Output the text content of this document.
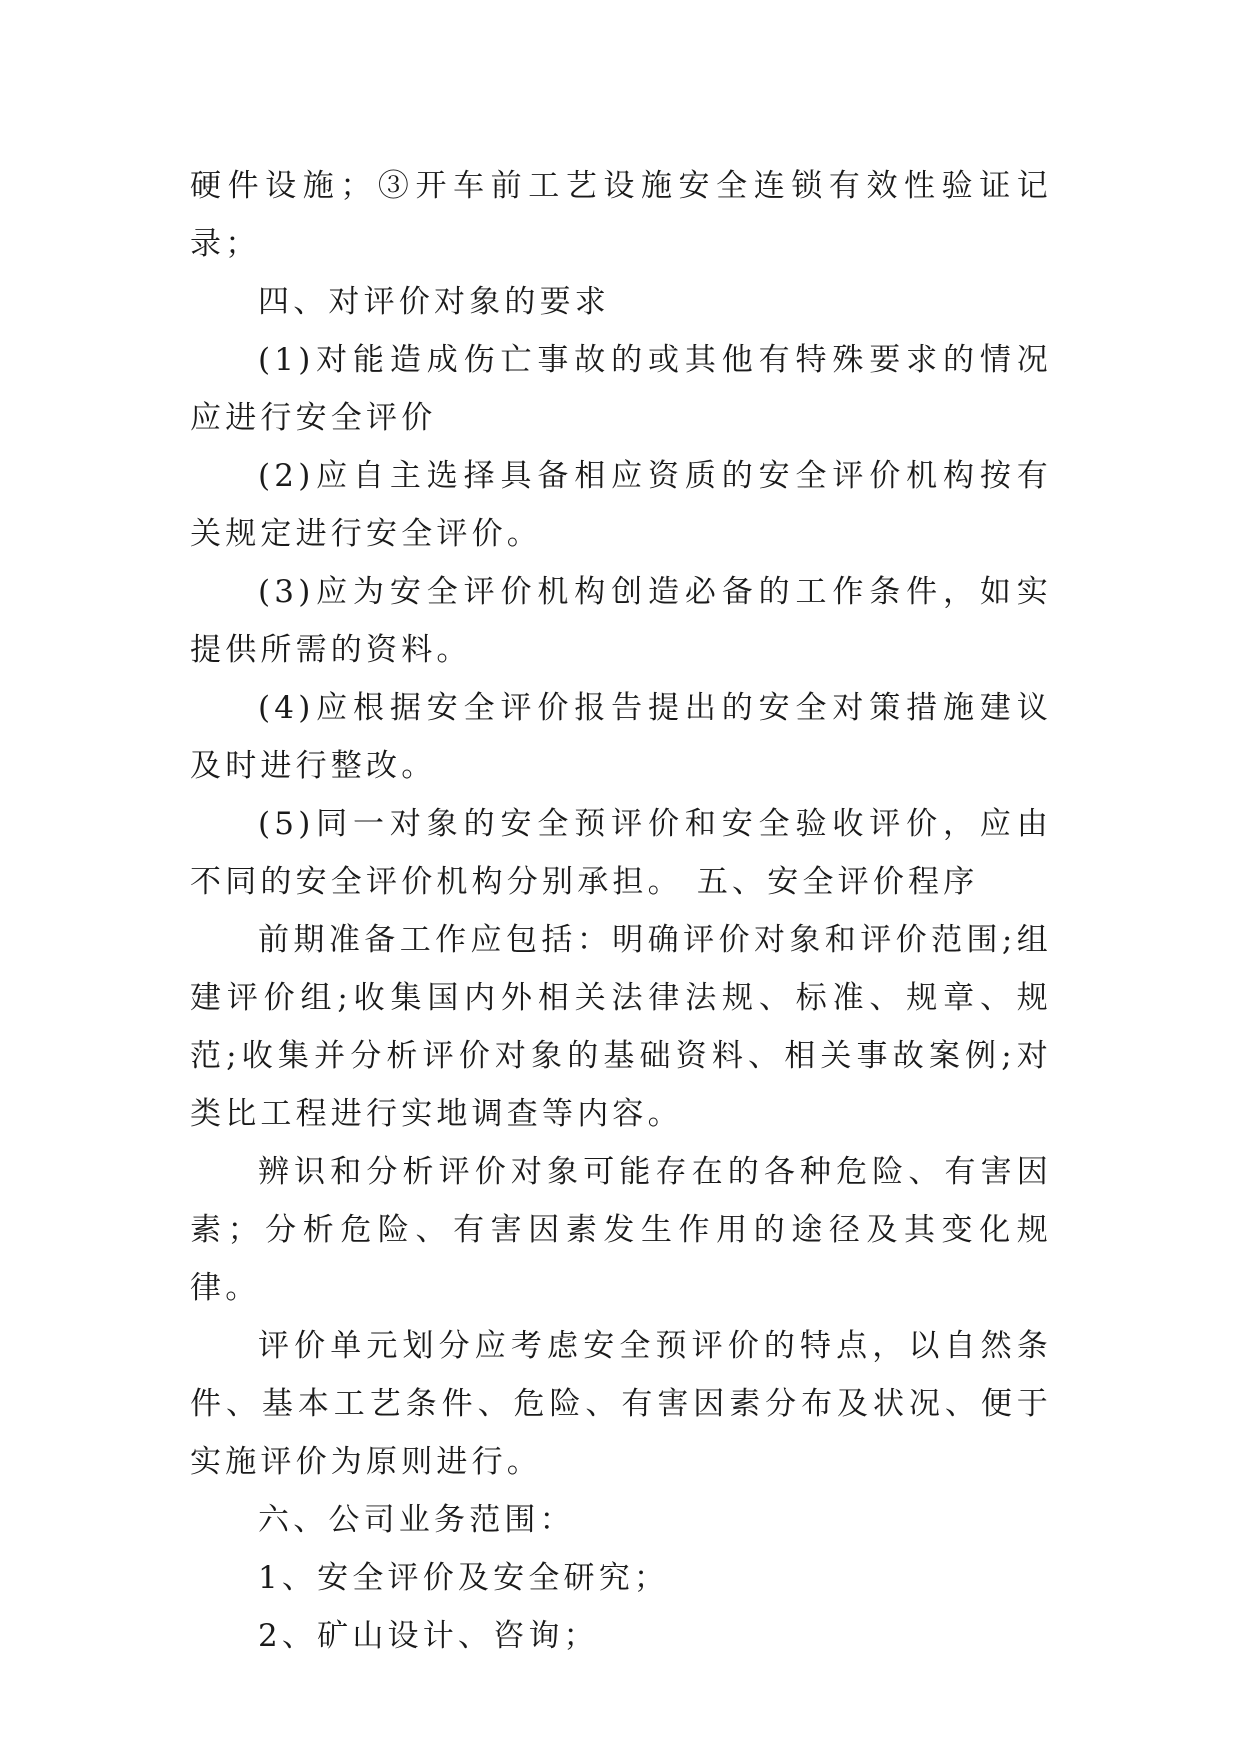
硬件设施；③开车前工艺设施安全连锁有效性验证记录；

四、对评价对象的要求

(1)对能造成伤亡事故的或其他有特殊要求的情况应进行安全评价

(2)应自主选择具备相应资质的安全评价机构按有关规定进行安全评价。

(3)应为安全评价机构创造必备的工作条件，如实提供所需的资料。

(4)应根据安全评价报告提出的安全对策措施建议及时进行整改。

(5)同一对象的安全预评价和安全验收评价，应由不同的安全评价机构分别承担。 五、安全评价程序

前期准备工作应包括：明确评价对象和评价范围;组建评价组;收集国内外相关法律法规、标准、规章、规范;收集并分析评价对象的基础资料、相关事故案例;对类比工程进行实地调查等内容。

辨识和分析评价对象可能存在的各种危险、有害因素；分析危险、有害因素发生作用的途径及其变化规律。

评价单元划分应考虑安全预评价的特点，以自然条件、基本工艺条件、危险、有害因素分布及状况、便于实施评价为原则进行。

六、公司业务范围：

1、安全评价及安全研究；

2、矿山设计、咨询；
